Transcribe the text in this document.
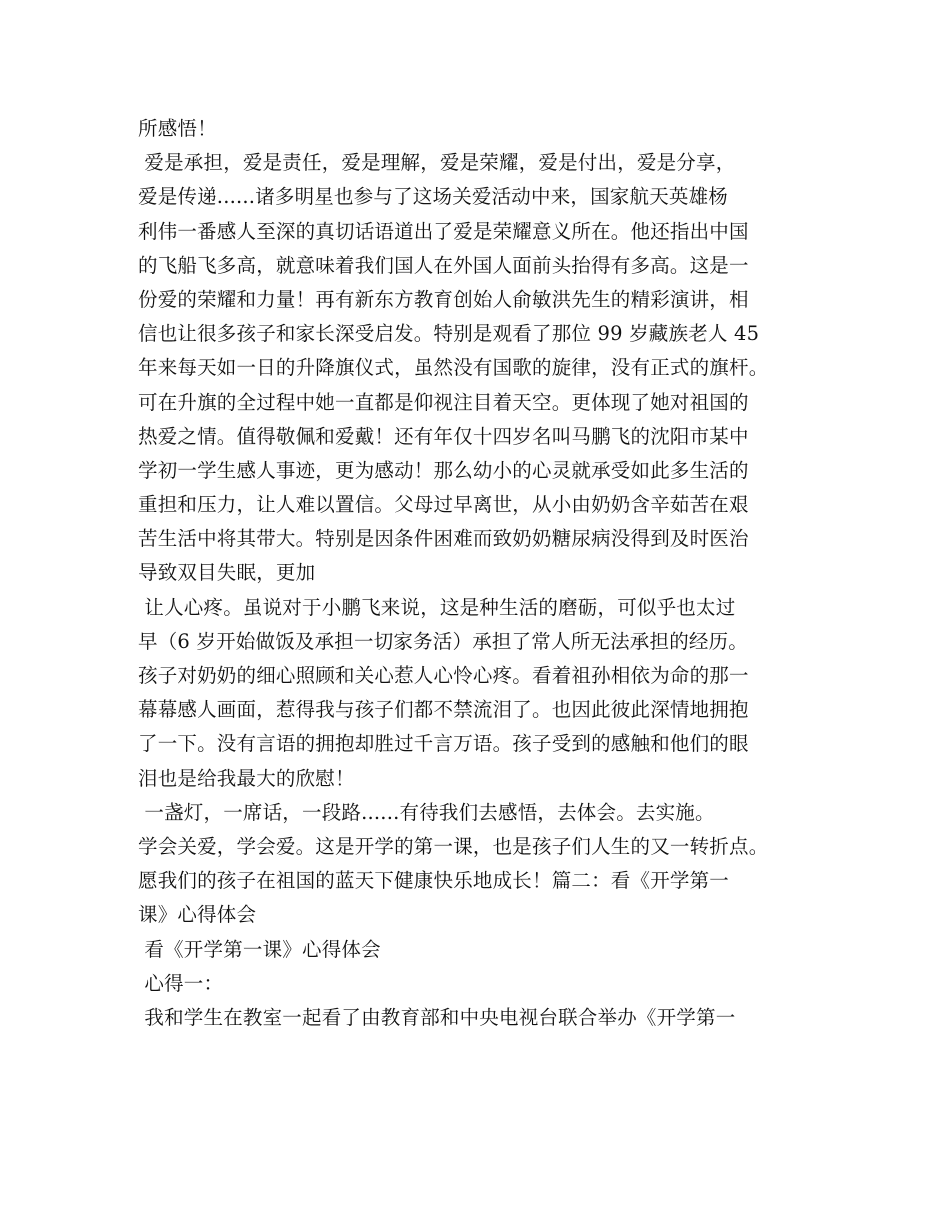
所感悟！
爱是承担，爱是责任，爱是理解，爱是荣耀，爱是付出，爱是分享，
爱是传递......诸多明星也参与了这场关爱活动中来，国家航天英雄杨
利伟一番感人至深的真切话语道出了爱是荣耀意义所在。他还指出中国
的飞船飞多高，就意味着我们国人在外国人面前头抬得有多高。这是一
份爱的荣耀和力量！再有新东方教育创始人俞敏洪先生的精彩演讲，相
信也让很多孩子和家长深受启发。特别是观看了那位 99 岁藏族老人 45
年来每天如一日的升降旗仪式，虽然没有国歌的旋律，没有正式的旗杆。
可在升旗的全过程中她一直都是仰视注目着天空。更体现了她对祖国的
热爱之情。值得敬佩和爱戴！还有年仅十四岁名叫马鹏飞的沈阳市某中
学初一学生感人事迹，更为感动！那么幼小的心灵就承受如此多生活的
重担和压力，让人难以置信。父母过早离世，从小由奶奶含辛茹苦在艰
苦生活中将其带大。特别是因条件困难而致奶奶糖尿病没得到及时医治
导致双目失眠，更加
让人心疼。虽说对于小鹏飞来说，这是种生活的磨砺，可似乎也太过
早（6 岁开始做饭及承担一切家务活）承担了常人所无法承担的经历。
孩子对奶奶的细心照顾和关心惹人心怜心疼。看着祖孙相依为命的那一
幕幕感人画面，惹得我与孩子们都不禁流泪了。也因此彼此深情地拥抱
了一下。没有言语的拥抱却胜过千言万语。孩子受到的感触和他们的眼
泪也是给我最大的欣慰！
一盏灯，一席话，一段路......有待我们去感悟，去体会。去实施。
学会关爱，学会爱。这是开学的第一课，也是孩子们人生的又一转折点。
愿我们的孩子在祖国的蓝天下健康快乐地成长！篇二：看《开学第一
课》心得体会
看《开学第一课》心得体会
心得一：
我和学生在教室一起看了由教育部和中央电视台联合举办《开学第一
